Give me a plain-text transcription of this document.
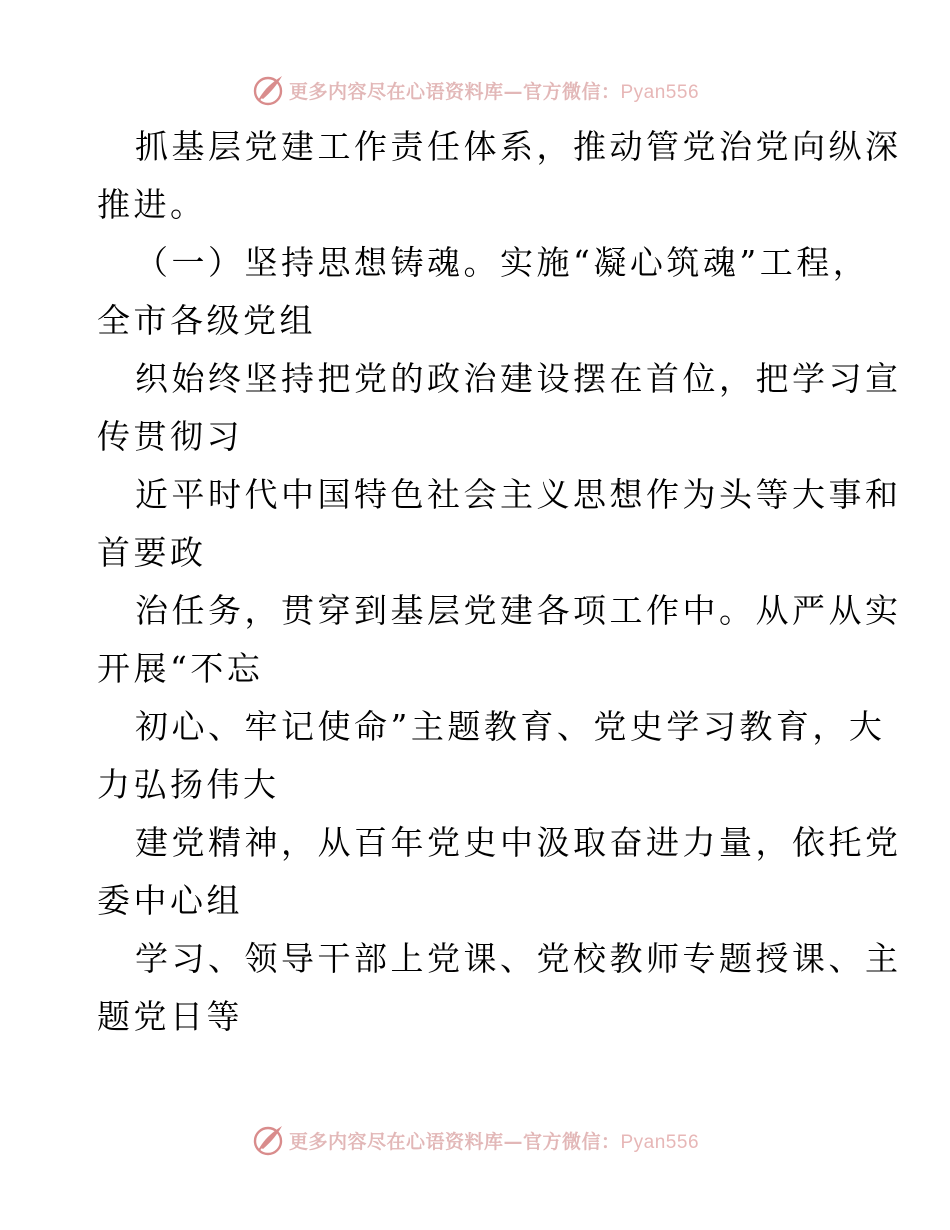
更多内容尽在心语资料库—官方微信：Pyan556
抓基层党建工作责任体系，推动管党治党向纵深
推进。
（一）坚持思想铸魂。实施“凝心筑魂”工程，
全市各级党组
织始终坚持把党的政治建设摆在首位，把学习宣
传贯彻习
近平时代中国特色社会主义思想作为头等大事和
首要政
治任务，贯穿到基层党建各项工作中。从严从实
开展“不忘
初心、牢记使命”主题教育、党史学习教育，大
力弘扬伟大
建党精神，从百年党史中汲取奋进力量，依托党
委中心组
学习、领导干部上党课、党校教师专题授课、主
题党日等
更多内容尽在心语资料库—官方微信：Pyan556
